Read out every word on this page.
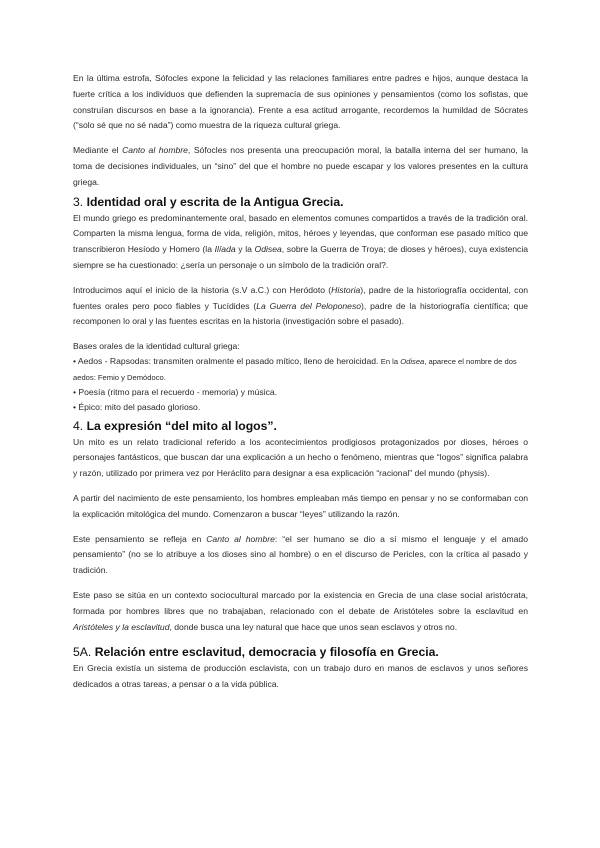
En la última estrofa, Sófocles expone la felicidad y las relaciones familiares entre padres e hijos, aunque destaca la fuerte crítica a los individuos que defienden la supremacía de sus opiniones y pensamientos (como los sofistas, que construían discursos en base a la ignorancia). Frente a esa actitud arrogante, recordemos la humildad de Sócrates (“solo sé que no sé nada”) como muestra de la riqueza cultural griega.

Mediante el Canto al hombre, Sófocles nos presenta una preocupación moral, la batalla interna del ser humano, la toma de decisiones individuales, un “sino” del que el hombre no puede escapar y los valores presentes en la cultura griega.

3. Identidad oral y escrita de la Antigua Grecia.

El mundo griego es predominantemente oral, basado en elementos comunes compartidos a través de la tradición oral. Comparten la misma lengua, forma de vida, religión, mitos, héroes y leyendas, que conforman ese pasado mítico que transcribieron Hesíodo y Homero (la Ilíada y la Odisea, sobre la Guerra de Troya; de dioses y héroes), cuya existencia siempre se ha cuestionado: ¿sería un personaje o un símbolo de la tradición oral?.

Introducimos aquí el inicio de la historia (s.V a.C.) con Heródoto (Historia), padre de la historiografía occidental, con fuentes orales pero poco fiables y Tucídides (La Guerra del Peloponeso), padre de la historiografía científica; que recomponen lo oral y las fuentes escritas en la historia (investigación sobre el pasado).

Bases orales de la identidad cultural griega:
• Aedos - Rapsodas: transmiten oralmente el pasado mítico, lleno de heroicidad. En la Odisea, aparece el nombre de dos aedos: Femio y Demódoco.
• Poesía (ritmo para el recuerdo - memoria) y música.
• Épico: mito del pasado glorioso.
4. La expresión “del mito al logos”.

Un mito es un relato tradicional referido a los acontecimientos prodigiosos protagonizados por dioses, héroes o personajes fantásticos, que buscan dar una explicación a un hecho o fenómeno, mientras que “logos” significa palabra y razón, utilizado por primera vez por Heráclito para designar a esa explicación “racional” del mundo (physis).

A partir del nacimiento de este pensamiento, los hombres empleaban más tiempo en pensar y no se conformaban con la explicación mitológica del mundo. Comenzaron a buscar “leyes” utilizando la razón.

Este pensamiento se refleja en Canto al hombre: “el ser humano se dio a sí mismo el lenguaje y el amado pensamiento” (no se lo atribuye a los dioses sino al hombre) o en el discurso de Pericles, con la crítica al pasado y tradición.

Este paso se sitúa en un contexto sociocultural marcado por la existencia en Grecia de una clase social aristócrata, formada por hombres libres que no trabajaban, relacionado con el debate de Aristóteles sobre la esclavitud en Aristóteles y la esclavitud, donde busca una ley natural que hace que unos sean esclavos y otros no.

5A. Relación entre esclavitud, democracia y filosofía en Grecia.

En Grecia existía un sistema de producción esclavista, con un trabajo duro en manos de esclavos y unos señores dedicados a otras tareas, a pensar o a la vida pública.
